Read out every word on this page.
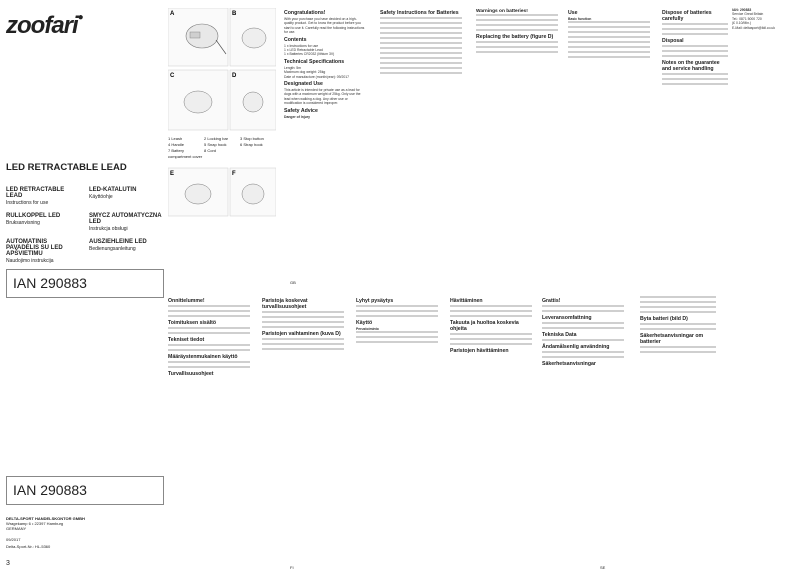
zoofari●
LED RETRACTABLE LEAD
LED RETRACTABLE LEAD
Instructions for use
LED-KATALUTIN
Käyttöohje
RULLKOPPEL LED
Bruksanvisning
SMYCZ AUTOMATYCZNA LED
Instrukcja obsługi
AUTOMATINIS PAVADĖLIS SU LED APŠVIETIMU
Naudojimo instrukcija
AUSZIEHLEINE LED
Bedienungsanleitung
IAN 290883
IAN 290883
DELTA-SPORT HANDELSKONTOR GMBH
Wragekamp 6 • 22397 Hamburg
GERMANY
09/2017
Delta-Sport-Nr.: HL-5360
A	B
C	D
E	F
1 Leash	2 Locking bar	3 Stop button
4 Handle	5 Snap hook	6 Strap hook
7 Battery compartment cover
8 Cord
Congratulations!
With your purchase you have decided on a high-quality product. Get to know the product before you start to use it. Carefully read the following instructions for use.
Contents
1 x Instructions for use
1 x LED Retractable Lead
1 x Batteries CR2032 (lithium 3V)
Technical Specifications
Length: 5m
Maximum dog weight: 25kg
Date of manufacture (month/year): 09/2017
Designated Use
This article is intended for private use as a lead for dogs with a maximum weight of 25kg. Only use the lead when walking a dog. Any other use or modification is considered improper.
Safety Advice
Danger of Injury
Safety Instructions for Batteries	Warnings on batteries!
Replacing the battery (figure D)
Use
Basic function
Dispose of batteries carefully
Disposal
Notes on the guarantee and service handling
IAN: 290883
Service Great Britain
Tel.: 0871 5000 720
(£ 0.10/Min.)
E-Mail: deltasport@lidl.co.uk
Onnittelumme!
Toimituksen sisältö
Tekniset tiedot
Määräystenmukainen käyttö
Turvallisuusohjeet
Paristoja koskevat turvallisuusohjeet
Paristojen vaihtaminen (kuva D)
Lyhyt pysäytys
Käyttö
Perustoiminto
Hävittäminen
Takuuta ja huoltoa koskevia ohjeita
Paristojen hävittäminen
Grattis!
Leveransomfattning
Tekniska Data
Ändamålsenlig användning
Säkerhetsanvisningar
Byta batteri (bild D)
Säkerhetsanvisningar om batterier
3
GB
FI	SE
